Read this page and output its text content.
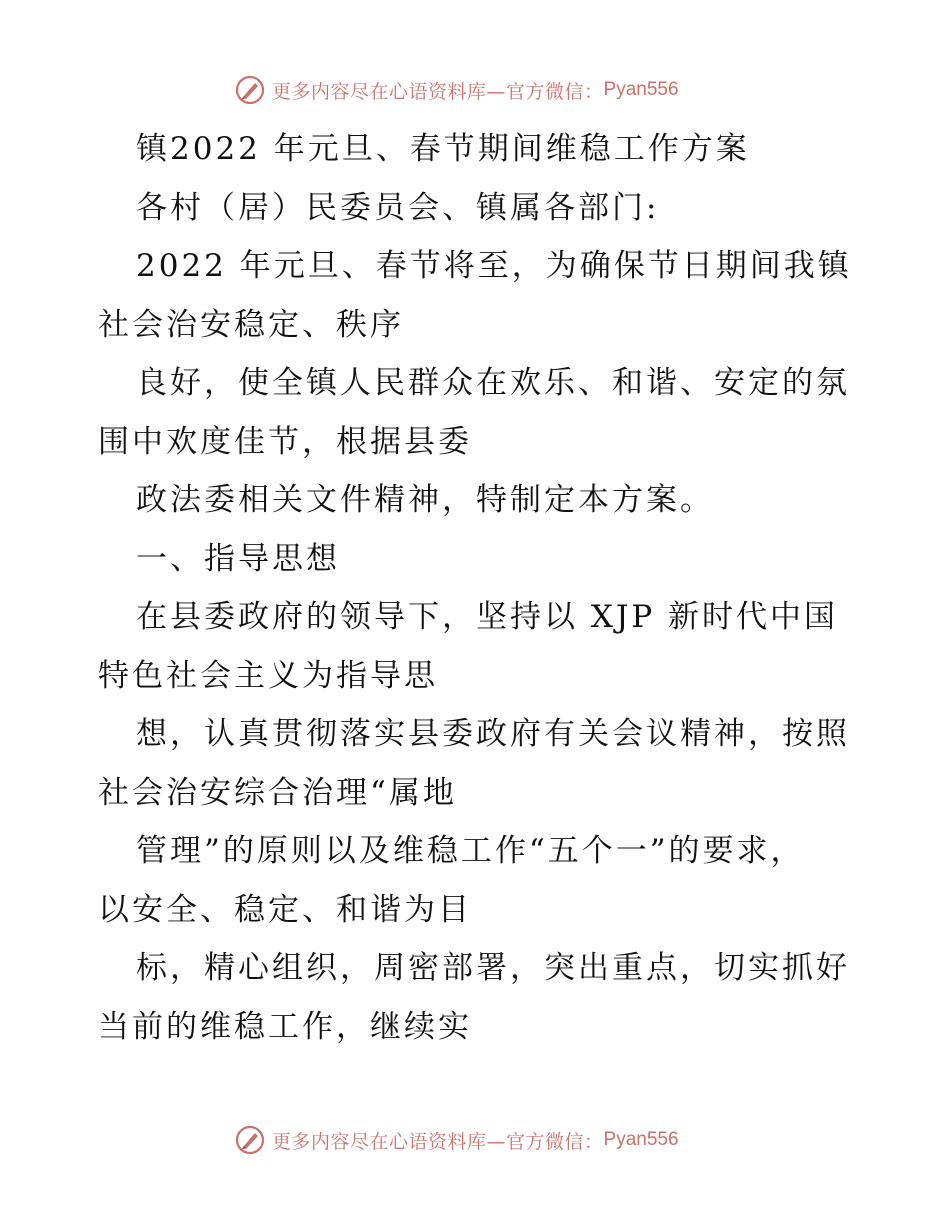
更多内容尽在心语资料库—官方微信： Pyan556
镇2022 年元旦、春节期间维稳工作方案
各村（居）民委员会、镇属各部门:
2022 年元旦、春节将至，为确保节日期间我镇
社会治安稳定、秩序
良好，使全镇人民群众在欢乐、和谐、安定的氛
围中欢度佳节，根据县委
政法委相关文件精神，特制定本方案。
一、指导思想
在县委政府的领导下，坚持以 XJP 新时代中国
特色社会主义为指导思
想，认真贯彻落实县委政府有关会议精神，按照
社会治安综合治理“属地
管理”的原则以及维稳工作“五个一”的要求，
以安全、稳定、和谐为目
标，精心组织，周密部署，突出重点，切实抓好
当前的维稳工作，继续实
更多内容尽在心语资料库—官方微信： Pyan556
